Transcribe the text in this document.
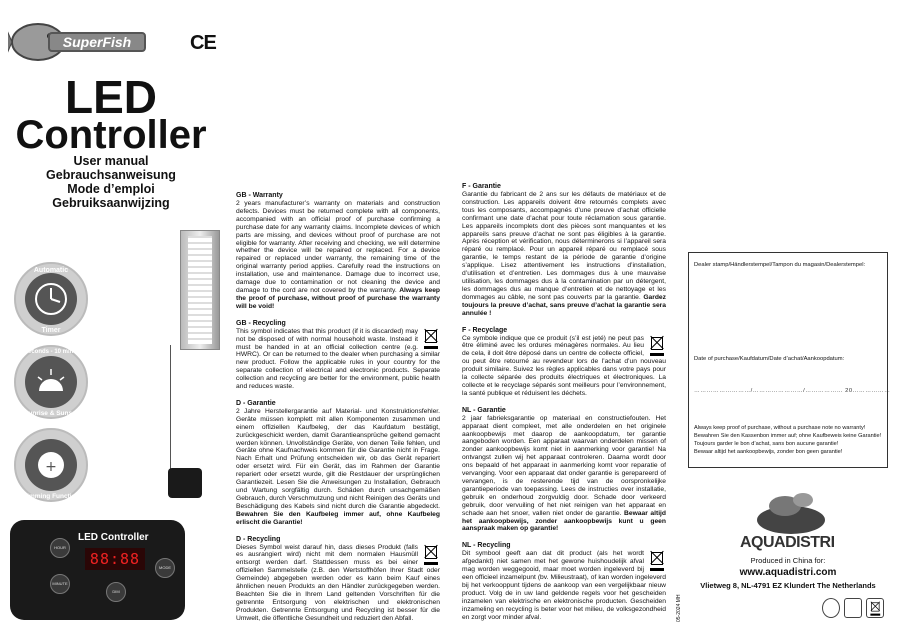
SuperFish	CE
LED
Controller
User manual
Gebrauchsanweisung
Mode d’emploi
Gebruiksaanwijzing
Automatic
Timer
30 seconds - 10 minutes
Sunrise & Sunset
+
Dimming Function
LED Controller
88:88
HOUR
MINUTE
DIM
MODE
GB - Warranty
2 years manufacturer’s warranty on materials and construction defects. Devices must be returned complete with all components, accompanied with an official proof of purchase confirming a purchase date for any warranty claims. Incomplete devices of which parts are missing, and devices without proof of purchase are not eligible for warranty. After receiving and checking, we will determine whether the device will be repaired or replaced. For a device repaired or replaced under warranty, the remaining time of the original warranty period applies. Carefully read the instructions on installation, use and maintenance. Damage due to incorrect use, damage due to contamination or not cleaning the device and damage to the cord are not covered by the warranty. Always keep the proof of purchase, without proof of purchase the warranty will be void!
GB - Recycling
This symbol indicates that this product (if it is discarded) may not be disposed of with normal household waste. Instead it must be handed in at an official collection centre (e.g. HWRC). Or can be returned to the dealer when purchasing a similar new product. Follow the applicable rules in your country for the separate collection of electrical and electronic products. Separate collection and recycling are better for the environment, public health and reduces waste.
D - Garantie
2 Jahre Herstellergarantie auf Material- und Konstruktionsfehler. Geräte müssen komplett mit allen Komponenten zusammen und einem offiziellen Kaufbeleg, der das Kaufdatum bestätigt, zurückgeschickt werden, damit Garantieansprüche geltend gemacht werden können. Unvollständige Geräte, von denen Teile fehlen, und Geräte ohne Kaufnachweis kommen für die Garantie nicht in Frage. Nach Erhalt und Prüfung entscheiden wir, ob das Gerät repariert oder ersetzt wird. Für ein Gerät, das im Rahmen der Garantie repariert oder ersetzt wurde, gilt die Restdauer der ursprünglichen Garantiezeit. Lesen Sie die Anweisungen zu Installation, Gebrauch und Wartung sorgfältig durch. Schäden durch unsachgemäßen Gebrauch, durch Verschmutzung und nicht Reinigen des Geräts und Beschädigung des Kabels sind nicht durch die Garantie abgedeckt. Bewahren Sie den Kaufbeleg immer auf, ohne Kaufbeleg erlischt die Garantie!
D - Recycling
Dieses Symbol weist darauf hin, dass dieses Produkt (falls es ausrangiert wird) nicht mit dem normalen Hausmüll entsorgt werden darf. Stattdessen muss es bei einer offiziellen Sammelstelle (z.B. den Wertstoffhöfen Ihrer Stadt oder Gemeinde) abgegeben werden oder es kann beim Kauf eines ähnlichen neuen Produkts an den Händler zurückgegeben werden. Beachten Sie die in Ihrem Land geltenden Vorschriften für die getrennte Entsorgung von elektrischen und elektronischen Produkten. Getrennte Entsorgung und Recycling ist besser für die Umwelt, die öffentliche Gesundheit und reduziert den Abfall.
F - Garantie
Garantie du fabricant de 2 ans sur les défauts de matériaux et de construction. Les appareils doivent être retournés complets avec tous les composants, accompagnés d’une preuve d’achat officielle confirmant une date d’achat pour toute réclamation sous garantie. Les appareils incomplets dont des pièces sont manquantes et les appareils sans preuve d’achat ne sont pas éligibles à la garantie. Après réception et vérification, nous déterminerons si l’appareil sera réparé ou remplacé. Pour un appareil réparé ou remplacé sous garantie, le temps restant de la période de garantie d’origine s’applique. Lisez attentivement les instructions d’installation, d’utilisation et d’entretien. Les dommages dus à une mauvaise utilisation, les dommages dus à la contamination par un détergent, les dommages dus au manque d’entretien et de nettoyage et les dommages au câble, ne sont pas couverts par la garantie. Gardez toujours la preuve d’achat, sans preuve d’achat la garantie sera annulée !
F - Recyclage
Ce symbole indique que ce produit (s’il est jeté) ne peut pas être éliminé avec les ordures ménagères normales. Au lieu de cela, il doit être déposé dans un centre de collecte officiel, ou peut être retourné au revendeur lors de l’achat d’un nouveau produit similaire. Suivez les règles applicables dans votre pays pour la collecte séparée des produits électriques et électroniques. La collecte et le recyclage séparés sont meilleurs pour l’environnement, la santé publique et réduisent les déchets.
NL - Garantie
2 jaar fabrieksgarantie op materiaal en constructiefouten. Het apparaat dient compleet, met alle onderdelen en het originele aankoopbewijs met daarop de aankoopdatum, ter garantie aangeboden worden. Een apparaat waarvan onderdelen missen of zonder aankoopbewijs komt niet in aanmerking voor garantie! Na ontvangst zullen wij het apparaat controleren. Daarna wordt door ons bepaald of het apparaat in aanmerking komt voor reparatie of vervanging. Voor een apparaat dat onder garantie is gerepareerd of vervangen, is de resterende tijd van de oorspronkelijke garantieperiode van toepassing. Lees de instructies over installatie, gebruik en onderhoud zorgvuldig door. Schade door verkeerd gebruik, door vervuiling of het niet reinigen van het apparaat en schade aan het snoer, vallen niet onder de garantie. Bewaar altijd het aankoopbewijs, zonder aankoopbewijs kunt u geen aanspraak maken op garantie!
NL - Recycling
Dit symbool geeft aan dat dit product (als het wordt afgedankt) niet samen met het gewone huishoudelijk afval mag worden weggegooid, maar moet worden ingeleverd bij een officieel inzamelpunt (bv. Milieustraat), of kan worden ingeleverd bij het verkooppunt tijdens de aankoop van een vergelijkbaar nieuw product. Volg de in uw land geldende regels voor het gescheiden inzamelen van elektrische en elektronische producten. Gescheiden inzameling en recycling is beter voor het milieu, de volksgezondheid en zorgt voor minder afval.
Dealer stamp/Händlerstempel/Tampon du magasin/Dealerstempel:
Date of purchase/Kaufdatum/Date d’achat/Aankoopdatum:
………………………/……………………/……………… 20………………
Always keep proof of purchase, without a purchase note no warranty!
Bewahren Sie den Kassenbon immer auf; ohne Kaufbeweis keine Garantie!
Toujours garder le bon d’achat, sans bon aucune garantie!
Bewaar altijd het aankoopbewijs, zonder bon geen garantie!
AQUADISTRI
Produced in China for:
www.aquadistri.com
Vlietweg 8, NL-4791 EZ Klundert The Netherlands
05-2024 MH
